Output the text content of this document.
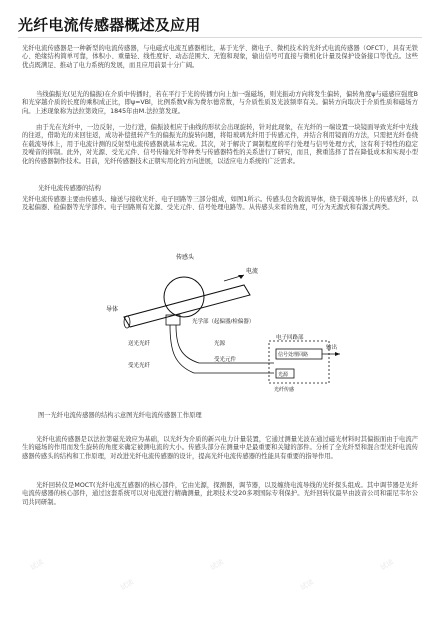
光纤电流传感器概述及应用

光纤电流传感器是一种新型的电流传感器，与电磁式电流互感器相比，基于光学、微电子、微机技术的光纤式电流传感器（OFCT），具有无铁心、绝缘结构简单可靠，体积小、重量轻、线性度好、动态范围大、无饱和现象，输出信号可直接与微机化计量及保护设备接口等优点。这些优点既满足、推动了电力系统的发展，而且应用前景十分广阔。

当线偏振光(见光的偏振)在介质中传播时，若在平行于光的传播方向上加一强磁场，则光振动方向将发生偏转，偏转角度ψ与磁感应强度B和光穿越介质的长度的乘积成正比，即ψ=VBl，比例系数V称为费尔德常数，与介质性质及光波频率有关。偏转方向取决于介质性质和磁场方向。上述现象称为法拉第效应，1845年由M.法拉第发现。

由于光在光纤中，一边反射，一边行进，偏振波相应于曲线的形状会出现旋转，针对此现象，在光纤的一端设置一块镜面导致光纤中光线的往返，借助光的来回往返，成功补偿扭转产生的偏振光的旋转问题，将铅玻璃光纤用于传感元件，并结合利用镜面的方法，只需把光纤卷绕在载流导体上，用于电流计测的反射型电流传感器就基本完成。其次，对于解决了调制程度的平行处理与信号处理方式，这有利于特性的稳定及噪音的抑制。此外，对光源、受光元件、信号传输光纤等种类与传感器特性的关系进行了研究，而且，携重选择了旨在降低成本和实现小型化的传感器制作技术。目前，光纤传感器技术正朝实用化的方向进展，以适应电力系统的广泛需求。

光纤电流传感器的结构

光纤电流传感器主要由传感头、输送与接收光纤、电子回路等三部分组成，如图1所示。传感头包含载流导体，绕于载流导体上的传感光纤，以及起偏器、检偏器等光学部件。电子回路则有光源、受光元件、信号处理电路等。从传感头来看的角度，可分为无源式和有源式两类。

传感头
电流
导体
光学部（起偏器/检偏器）
送光光纤
受光光纤
光源
电子回路部
信号处理回路
输出
光源
受光元件
光纤传感
图一光纤电流传感器的结构示意图光纤电流传感器工作原理

光纤电流传感器是以法拉第磁光效应为基础，以光纤为介质的新兴电力计量装置，它通过测量光波在通过磁光材料时其偏振面由于电流产生的磁场的作用而发生旋转的角度来确定被测电流的大小。传感头部分在测量中是最重要和关键的部件。分析了全光纤型和混合型光纤电流传感器传感头的结构和工作原理，对改进光纤电流传感器的设计，提高光纤电流传感器的性能具有重要的指导作用。

光纤回转仪是MOCT(光纤电流互感器)的核心部件，它由光源，探测器，调节器，以及缠绕电流导线的光纤探头组成。其中调节器是光纤电流传感器的核心部件，通过这套系统可以对电流进行精确测量，此项技术受20多项国际专利保护。光纤回转仪最早由波音公司和霍尼韦尔公司共同研制。

试读
试读
试读
试读
试读
